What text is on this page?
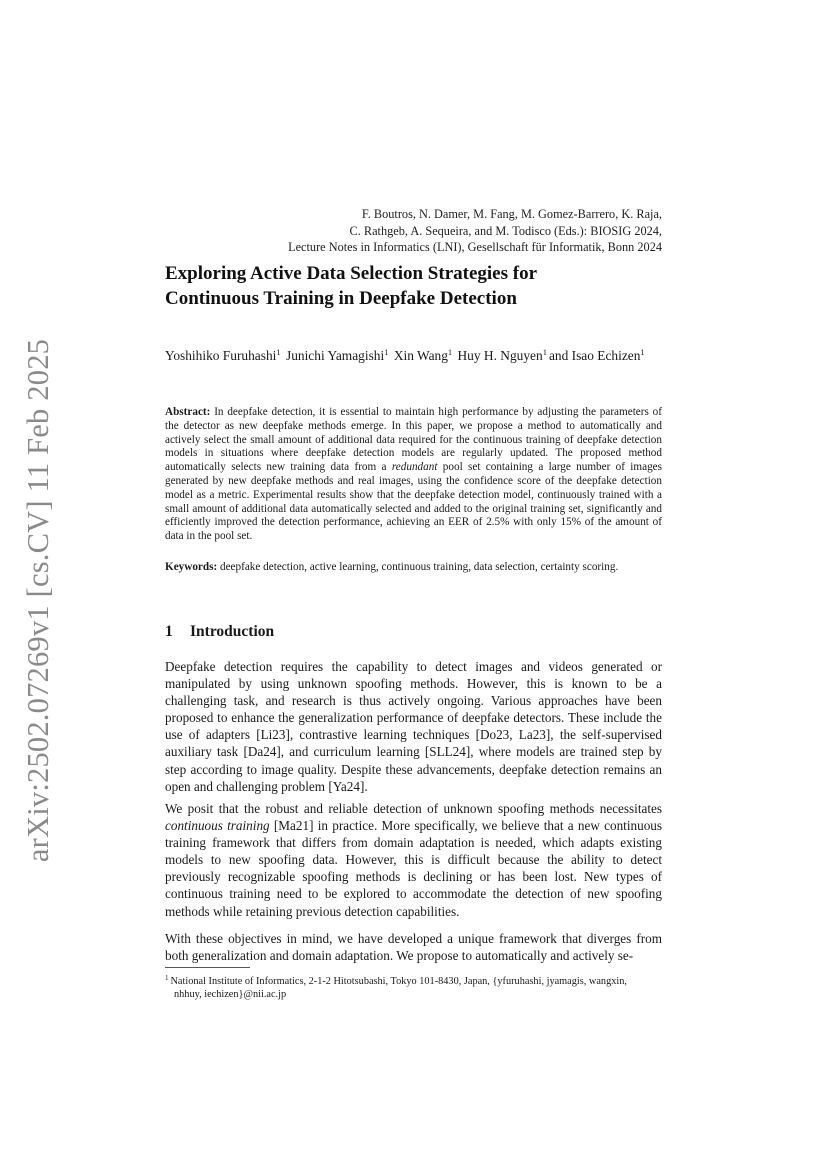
arXiv:2502.07269v1 [cs.CV] 11 Feb 2025
F. Boutros, N. Damer, M. Fang, M. Gomez-Barrero, K. Raja,
C. Rathgeb, A. Sequeira, and M. Todisco (Eds.): BIOSIG 2024,
Lecture Notes in Informatics (LNI), Gesellschaft für Informatik, Bonn 2024
Exploring Active Data Selection Strategies for
Continuous Training in Deepfake Detection
Yoshihiko Furuhashi$^1$ Junichi Yamagishi$^1$ Xin Wang$^1$ Huy H. Nguyen$^1$ and Isao Echizen$^1$

Abstract: In deepfake detection, it is essential to maintain high performance by adjusting the parameters of the detector as new deepfake methods emerge. In this paper, we propose a method to automatically and actively select the small amount of additional data required for the continuous training of deepfake detection models in situations where deepfake detection models are regularly updated. The proposed method automatically selects new training data from a redundant pool set containing a large number of images generated by new deepfake methods and real images, using the confidence score of the deepfake detection model as a metric. Experimental results show that the deepfake detection model, continuously trained with a small amount of additional data automatically selected and added to the original training set, significantly and efficiently improved the detection performance, achieving an EER of 2.5% with only 15% of the amount of data in the pool set.

Keywords: deepfake detection, active learning, continuous training, data selection, certainty scoring.

1 Introduction

Deepfake detection requires the capability to detect images and videos generated or manipulated by using unknown spoofing methods. However, this is known to be a challenging task, and research is thus actively ongoing. Various approaches have been proposed to enhance the generalization performance of deepfake detectors. These include the use of adapters [Li23], contrastive learning techniques [Do23, La23], the self-supervised auxiliary task [Da24], and curriculum learning [SLL24], where models are trained step by step according to image quality. Despite these advancements, deepfake detection remains an open and challenging problem [Ya24].

We posit that the robust and reliable detection of unknown spoofing methods necessitates continuous training [Ma21] in practice. More specifically, we believe that a new continuous training framework that differs from domain adaptation is needed, which adapts existing models to new spoofing data. However, this is difficult because the ability to detect previously recognizable spoofing methods is declining or has been lost. New types of continuous training need to be explored to accommodate the detection of new spoofing methods while retaining previous detection capabilities.

With these objectives in mind, we have developed a unique framework that diverges from both generalization and domain adaptation. We propose to automatically and actively se-

$^1$ National Institute of Informatics, 2-1-2 Hitotsubashi, Tokyo 101-8430, Japan, {yfuruhashi, jyamagis, wangxin,
nhhuy, iechizen}@nii.ac.jp
